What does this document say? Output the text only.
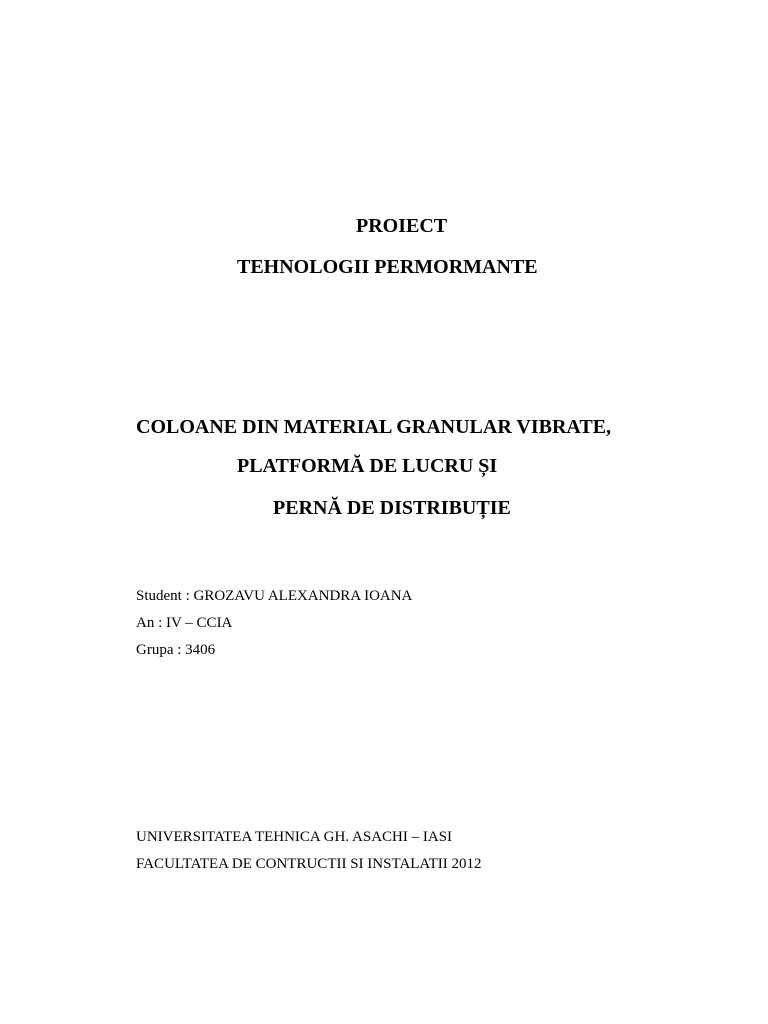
PROIECT

TEHNOLOGII PERMORMANTE

COLOANE DIN MATERIAL GRANULAR VIBRATE,

PLATFORMĂ DE LUCRU ȘI

PERNĂ DE DISTRIBUȚIE

Student : GROZAVU ALEXANDRA IOANA

An : IV – CCIA

Grupa : 3406

UNIVERSITATEA TEHNICA GH. ASACHI – IASI

FACULTATEA DE CONTRUCTII SI INSTALATII 2012
